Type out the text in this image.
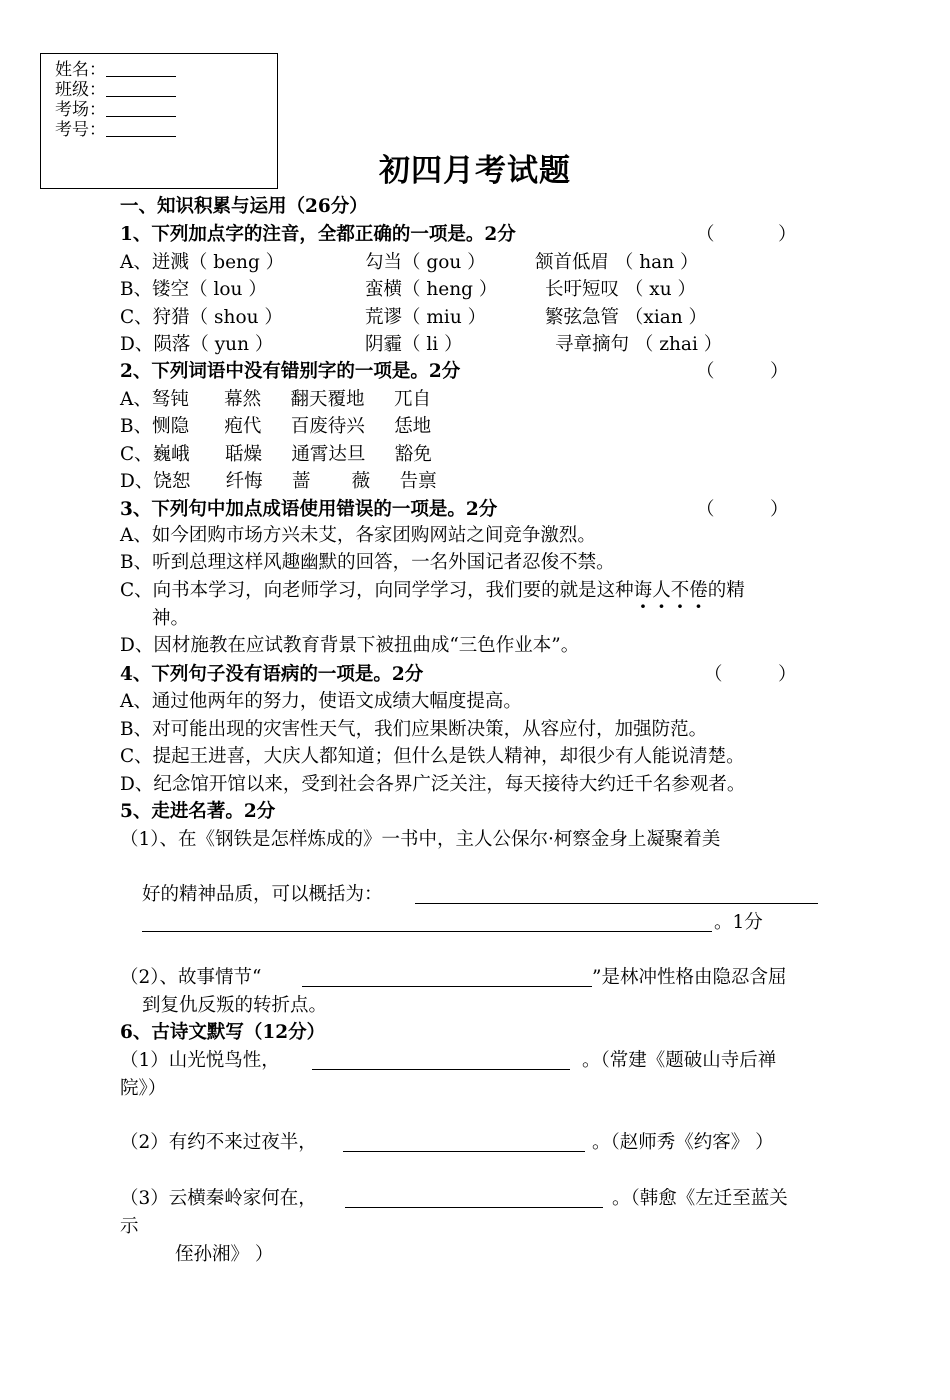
姓名：
班级：
考场：
考号：
初四月考试题
一、知识积累与运用（26分）
1、下列加点字的注音，全都正确的一项是。2分	（	）
A、迸溅（ beng ）	勾当（ gou ）	颔首低眉 （ han ）
B、镂空（ lou ）	蛮横（ heng ）	长吁短叹 （ xu ）
C、狩猎（ shou ）	荒谬（ miu ）	繁弦急管 （xian ）
D、陨落（ yun ）	阴霾（ li ）	寻章摘句 （ zhai ）
2、下列词语中没有错别字的一项是。2分	（	）
A、驽钝      幕然     翻天覆地     兀自
B、恻隐      疱代     百废待兴     恁地
C、巍峨      聒燥     通霄达旦     豁免
D、饶恕      纤悔     蔷       薇     告禀
3、下列句中加点成语使用错误的一项是。2分	（	）
A、如今团购市场方兴未艾，各家团购网站之间竞争激烈。
B、听到总理这样风趣幽默的回答，一名外国记者忍俊不禁。
C、向书本学习，向老师学习，向同学学习，我们要的就是这种诲人不倦的精
神。
D、因材施教在应试教育背景下被扭曲成“三色作业本”。
4、下列句子没有语病的一项是。2分	（	）
A、通过他两年的努力，使语文成绩大幅度提高。
B、对可能出现的灾害性天气，我们应果断决策，从容应付，加强防范。
C、提起王进喜，大庆人都知道；但什么是铁人精神，却很少有人能说清楚。
D、纪念馆开馆以来，受到社会各界广泛关注，每天接待大约迁千名参观者。
5、走进名著。2分
（1）、在《钢铁是怎样炼成的》一书中，主人公保尔·柯察金身上凝聚着美
好的精神品质，可以概括为：
。1分
（2）、故事情节“	”是林冲性格由隐忍含屈
到复仇反叛的转折点。
6、古诗文默写（12分）
（1）山光悦鸟性，	。（常建《题破山寺后禅
院》）
（2）有约不来过夜半，	。（赵师秀《约客》 ）
（3）云横秦岭家何在，	。（韩愈《左迁至蓝关
示
侄孙湘》 ）
